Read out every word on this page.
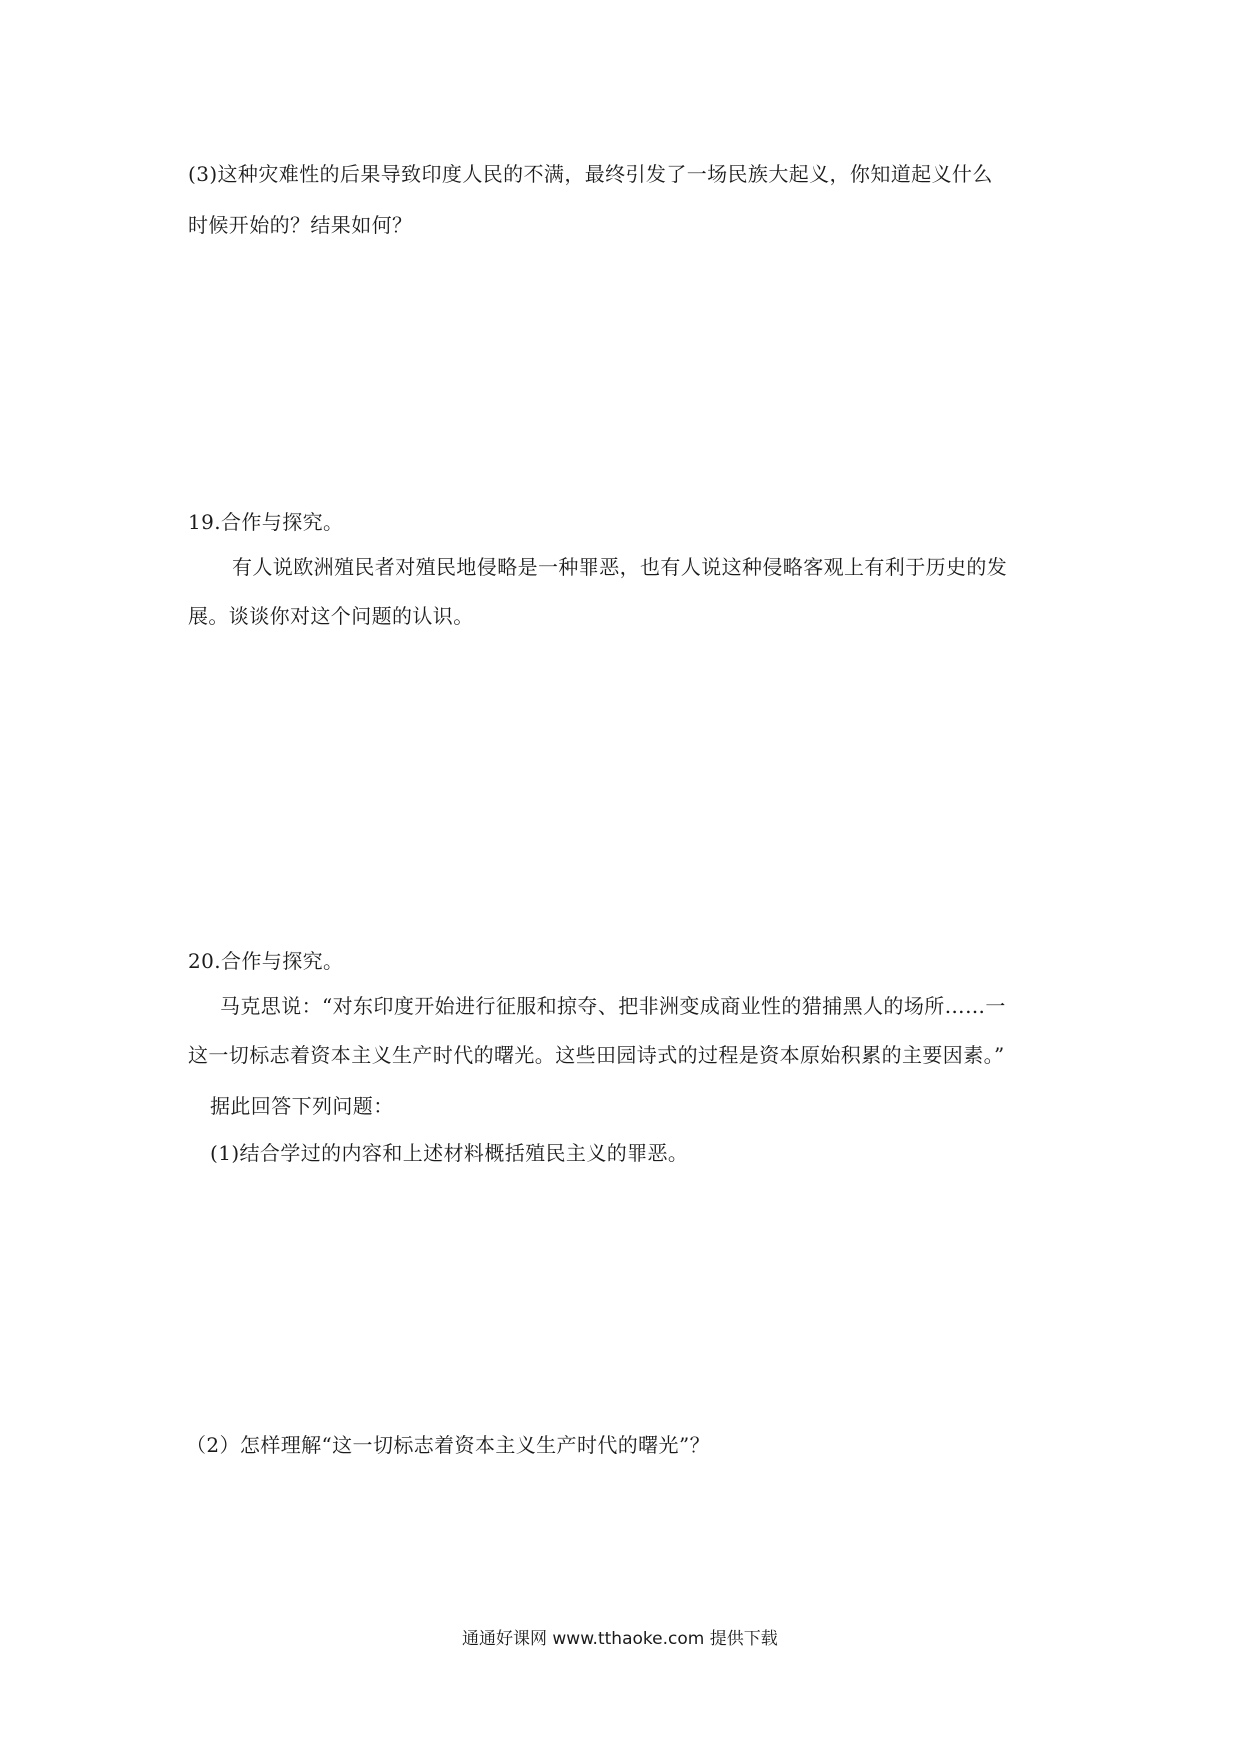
(3)这种灾难性的后果导致印度人民的不满，最终引发了一场民族大起义，你知道起义什么
时候开始的？结果如何？
19.合作与探究。
有人说欧洲殖民者对殖民地侵略是一种罪恶，也有人说这种侵略客观上有利于历史的发
展。谈谈你对这个问题的认识。
20.合作与探究。
马克思说：“对东印度开始进行征服和掠夺、把非洲变成商业性的猎捕黑人的场所……一
这一切标志着资本主义生产时代的曙光。这些田园诗式的过程是资本原始积累的主要因素。”
据此回答下列问题：
(1)结合学过的内容和上述材料概括殖民主义的罪恶。
（2）怎样理解“这一切标志着资本主义生产时代的曙光”？
通通好课网 www.tthaoke.com 提供下载
